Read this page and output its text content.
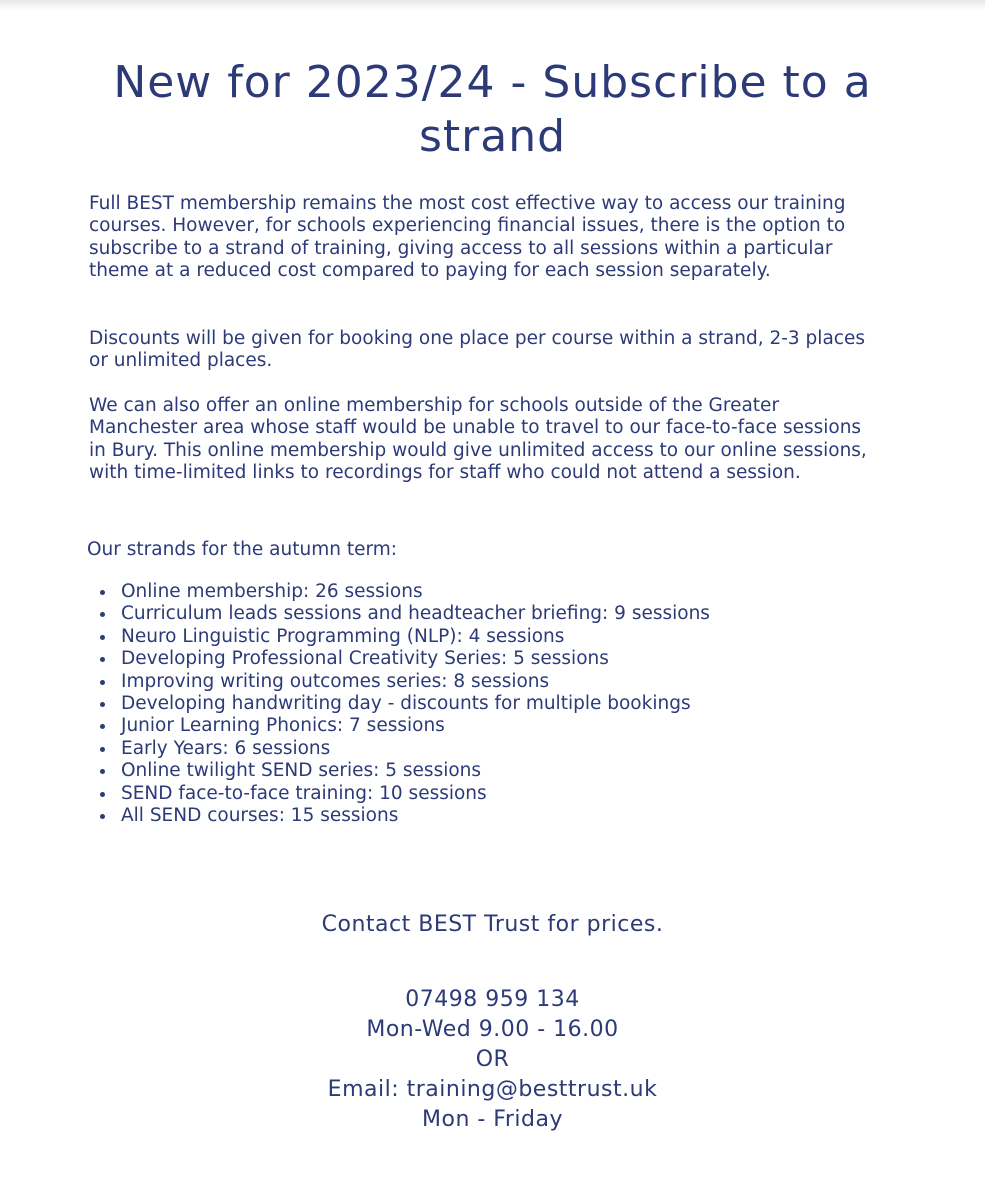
New for 2023/24 - Subscribe to a strand

Full BEST membership remains the most cost effective way to access our training courses. However, for schools experiencing financial issues, there is the option to subscribe to a strand of training, giving access to all sessions within a particular theme at a reduced cost compared to paying for each session separately.

Discounts will be given for booking one place per course within a strand, 2-3 places or unlimited places.

We can also offer an online membership for schools outside of the Greater Manchester area whose staff would be unable to travel to our face-to-face sessions in Bury. This online membership would give unlimited access to our online sessions, with time-limited links to recordings for staff who could not attend a session.

Our strands for the autumn term:

Online membership: 26 sessions
Curriculum leads sessions and headteacher briefing: 9 sessions
Neuro Linguistic Programming (NLP): 4 sessions
Developing Professional Creativity Series: 5 sessions
Improving writing outcomes series: 8 sessions
Developing handwriting day - discounts for multiple bookings
Junior Learning Phonics: 7 sessions
Early Years: 6 sessions
Online twilight SEND series: 5 sessions
SEND face-to-face training: 10 sessions
All SEND courses: 15 sessions
Contact BEST Trust for prices.
07498 959 134
Mon-Wed 9.00 - 16.00
OR
Email: training@besttrust.uk
Mon - Friday
